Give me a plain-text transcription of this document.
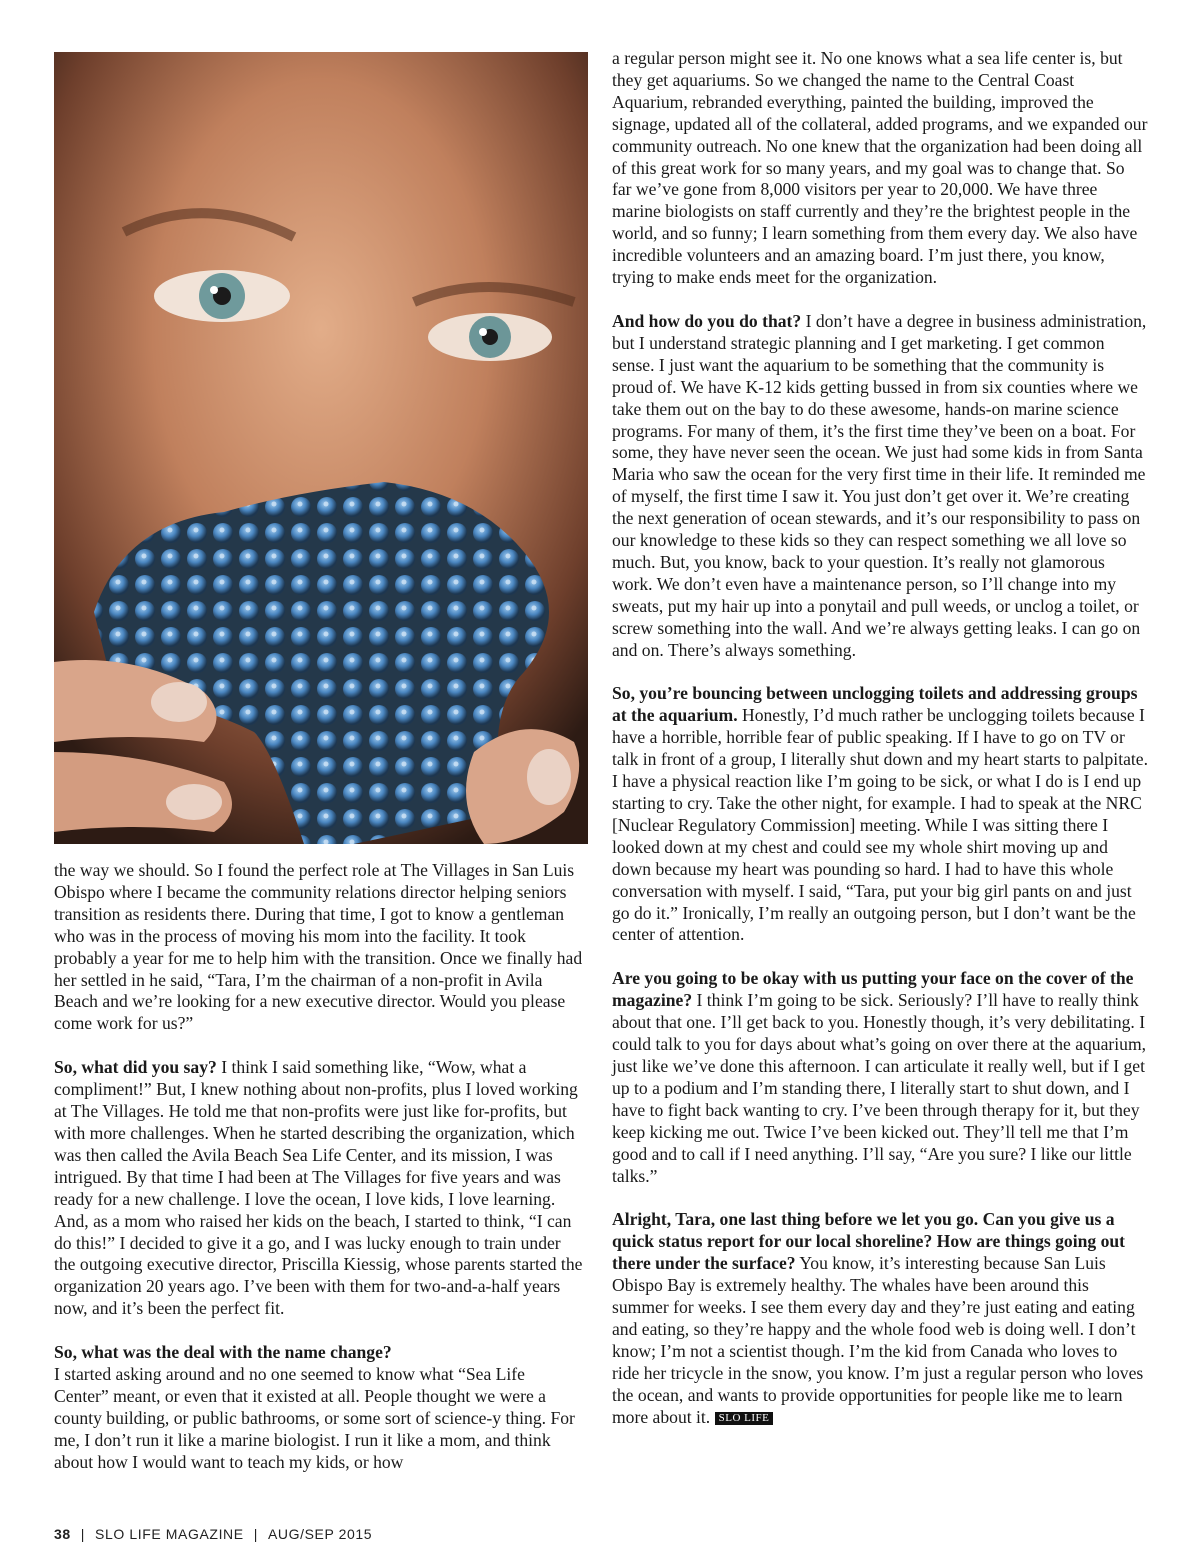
the way we should. So I found the perfect role at The Villages in San Luis Obispo where I became the community relations director helping seniors transition as residents there. During that time, I got to know a gentleman who was in the process of moving his mom into the facility. It took probably a year for me to help him with the transition. Once we finally had her settled in he said, “Tara, I’m the chairman of a non-profit in Avila Beach and we’re looking for a new executive director. Would you please come work for us?”

So, what did you say? I think I said something like, “Wow, what a compliment!” But, I knew nothing about non-profits, plus I loved working at The Villages. He told me that non-profits were just like for-profits, but with more challenges. When he started describing the organization, which was then called the Avila Beach Sea Life Center, and its mission, I was intrigued. By that time I had been at The Villages for five years and was ready for a new challenge. I love the ocean, I love kids, I love learning. And, as a mom who raised her kids on the beach, I started to think, “I can do this!” I decided to give it a go, and I was lucky enough to train under the outgoing executive director, Priscilla Kiessig, whose parents started the organization 20 years ago. I’ve been with them for two-and-a-half years now, and it’s been the perfect fit.

So, what was the deal with the name change?

I started asking around and no one seemed to know what “Sea Life Center” meant, or even that it existed at all. People thought we were a county building, or public bathrooms, or some sort of science-y thing. For me, I don’t run it like a marine biologist. I run it like a mom, and think about how I would want to teach my kids, or how

a regular person might see it. No one knows what a sea life center is, but they get aquariums. So we changed the name to the Central Coast Aquarium, rebranded everything, painted the building, improved the signage, updated all of the collateral, added programs, and we expanded our community outreach. No one knew that the organization had been doing all of this great work for so many years, and my goal was to change that. So far we’ve gone from 8,000 visitors per year to 20,000. We have three marine biologists on staff currently and they’re the brightest people in the world, and so funny; I learn something from them every day. We also have incredible volunteers and an amazing board. I’m just there, you know, trying to make ends meet for the organization.

And how do you do that? I don’t have a degree in business administration, but I understand strategic planning and I get marketing. I get common sense. I just want the aquarium to be something that the community is proud of. We have K-12 kids getting bussed in from six counties where we take them out on the bay to do these awesome, hands-on marine science programs. For many of them, it’s the first time they’ve been on a boat. For some, they have never seen the ocean. We just had some kids in from Santa Maria who saw the ocean for the very first time in their life. It reminded me of myself, the first time I saw it. You just don’t get over it. We’re creating the next generation of ocean stewards, and it’s our responsibility to pass on our knowledge to these kids so they can respect something we all love so much. But, you know, back to your question. It’s really not glamorous work. We don’t even have a maintenance person, so I’ll change into my sweats, put my hair up into a ponytail and pull weeds, or unclog a toilet, or screw something into the wall. And we’re always getting leaks. I can go on and on. There’s always something.

So, you’re bouncing between unclogging toilets and addressing groups at the aquarium. Honestly, I’d much rather be unclogging toilets because I have a horrible, horrible fear of public speaking. If I have to go on TV or talk in front of a group, I literally shut down and my heart starts to palpitate. I have a physical reaction like I’m going to be sick, or what I do is I end up starting to cry. Take the other night, for example. I had to speak at the NRC [Nuclear Regulatory Commission] meeting. While I was sitting there I looked down at my chest and could see my whole shirt moving up and down because my heart was pounding so hard. I had to have this whole conversation with myself. I said, “Tara, put your big girl pants on and just go do it.” Ironically, I’m really an outgoing person, but I don’t want be the center of attention.

Are you going to be okay with us putting your face on the cover of the magazine? I think I’m going to be sick. Seriously? I’ll have to really think about that one. I’ll get back to you. Honestly though, it’s very debilitating. I could talk to you for days about what’s going on over there at the aquarium, just like we’ve done this afternoon. I can articulate it really well, but if I get up to a podium and I’m standing there, I literally start to shut down, and I have to fight back wanting to cry. I’ve been through therapy for it, but they keep kicking me out. Twice I’ve been kicked out. They’ll tell me that I’m good and to call if I need anything. I’ll say, “Are you sure? I like our little talks.”

Alright, Tara, one last thing before we let you go. Can you give us a quick status report for our local shoreline? How are things going out there under the surface? You know, it’s interesting because San Luis Obispo Bay is extremely healthy. The whales have been around this summer for weeks. I see them every day and they’re just eating and eating and eating, so they’re happy and the whole food web is doing well. I don’t know; I’m not a scientist though. I’m the kid from Canada who loves to ride her tricycle in the snow, you know. I’m just a regular person who loves the ocean, and wants to provide opportunities for people like me to learn more about it. SLO LIFE

38 | SLO LIFE MAGAZINE | AUG/SEP 2015
